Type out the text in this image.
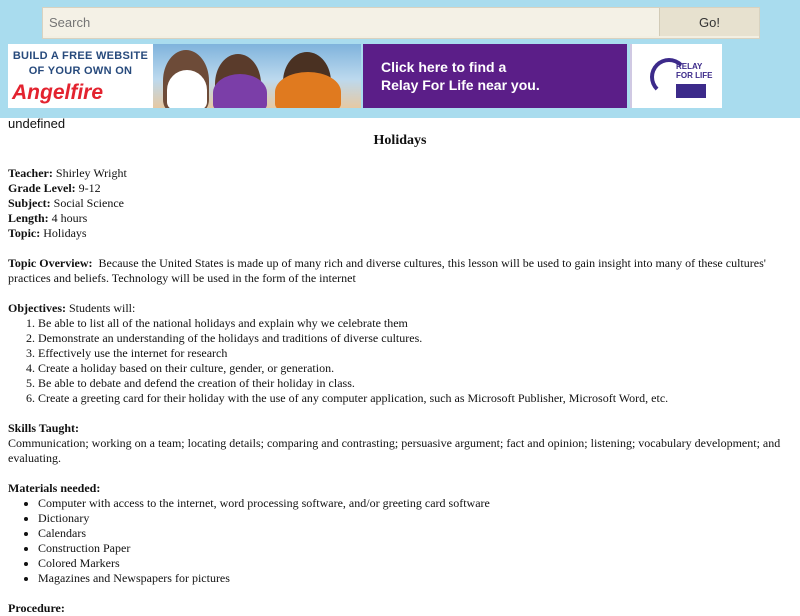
Search
Go!
BUILD A FREE WEBSITE
OF YOUR OWN ON
Angelfire
Click here to find a
Relay For Life near you.
RELAY
FOR LIFE
undefined
Holidays
Teacher: Shirley Wright
Grade Level: 9-12
Subject: Social Science
Length: 4 hours
Topic: Holidays
Topic Overview: Because the United States is made up of many rich and diverse cultures, this lesson will be used to gain insight into many of these cultures' practices and beliefs. Technology will be used in the form of the internet
Objectives: Students will:
1. Be able to list all of the national holidays and explain why we celebrate them
2. Demonstrate an understanding of the holidays and traditions of diverse cultures.
3. Effectively use the internet for research
4. Create a holiday based on their culture, gender, or generation.
5. Be able to debate and defend the creation of their holiday in class.
6. Create a greeting card for their holiday with the use of any computer application, such as Microsoft Publisher, Microsoft Word, etc.
Skills Taught:
Communication; working on a team; locating details; comparing and contrasting; persuasive argument; fact and opinion; listening; vocabulary development; and evaluating.
Materials needed:
• Computer with access to the internet, word processing software, and/or greeting card software
• Dictionary
• Calendars
• Construction Paper
• Colored Markers
• Magazines and Newspapers for pictures
Procedure:
